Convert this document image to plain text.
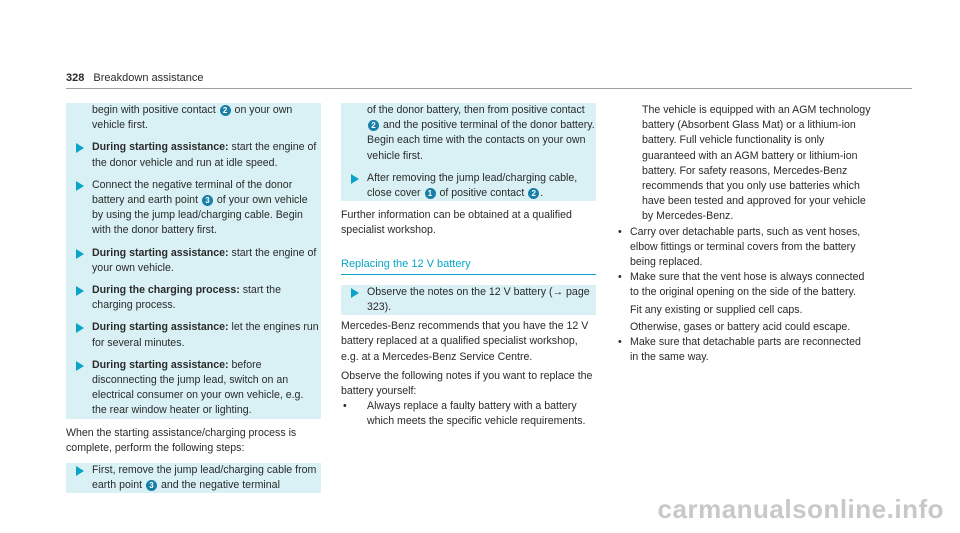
328 Breakdown assistance
begin with positive contact 2 on your own vehicle first.
During starting assistance: start the engine of the donor vehicle and run at idle speed.
Connect the negative terminal of the donor battery and earth point 3 of your own vehicle by using the jump lead/charging cable. Begin with the donor battery first.
During starting assistance: start the engine of your own vehicle.
During the charging process: start the charging process.
During starting assistance: let the engines run for several minutes.
During starting assistance: before disconnecting the jump lead, switch on an electrical consumer on your own vehicle, e.g. the rear window heater or lighting.
When the starting assistance/charging process is complete, perform the following steps:
First, remove the jump lead/charging cable from earth point 3 and the negative terminal
of the donor battery, then from positive contact 2 and the positive terminal of the donor battery. Begin each time with the contacts on your own vehicle first.
After removing the jump lead/charging cable, close cover 1 of positive contact 2 .
Further information can be obtained at a qualified specialist workshop.
Replacing the 12 V battery
Observe the notes on the 12 V battery (→ page 323).
Mercedes-Benz recommends that you have the 12 V battery replaced at a qualified specialist workshop, e.g. at a Mercedes-Benz Service Centre.
Observe the following notes if you want to replace the battery yourself:
• Always replace a faulty battery with a battery which meets the specific vehicle requirements.
The vehicle is equipped with an AGM technology battery (Absorbent Glass Mat) or a lithium-ion battery. Full vehicle functionality is only guaranteed with an AGM battery or lithium-ion battery. For safety reasons, Mercedes-Benz recommends that you only use batteries which have been tested and approved for your vehicle by Mercedes-Benz.
• Carry over detachable parts, such as vent hoses, elbow fittings or terminal covers from the battery being replaced.
• Make sure that the vent hose is always connected to the original opening on the side of the battery.
Fit any existing or supplied cell caps.
Otherwise, gases or battery acid could escape.
• Make sure that detachable parts are reconnected in the same way.
carmanualsonline.info
